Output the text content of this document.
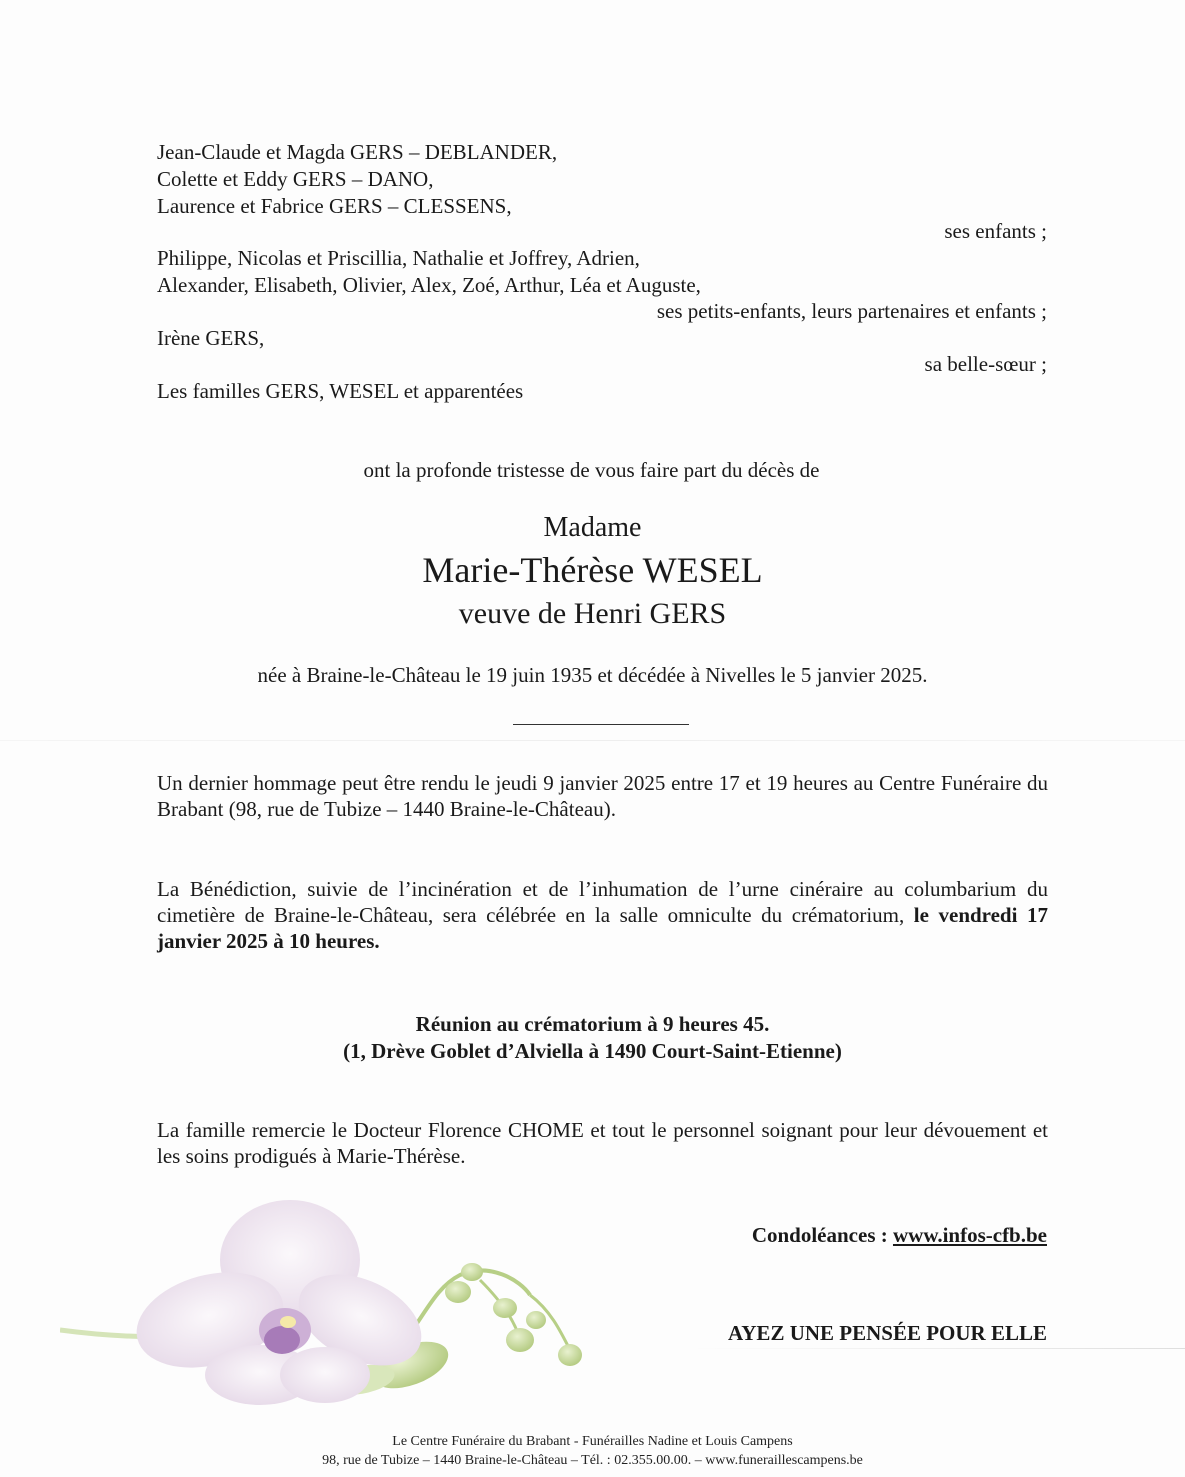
Jean-Claude et Magda GERS – DEBLANDER,
Colette et Eddy GERS – DANO,
Laurence et Fabrice GERS – CLESSENS,
ses enfants ;
Philippe, Nicolas et Priscillia, Nathalie et Joffrey, Adrien,
Alexander, Elisabeth, Olivier, Alex, Zoé, Arthur, Léa et Auguste,
ses petits-enfants, leurs partenaires et enfants ;
Irène GERS,
sa belle-sœur ;
Les familles GERS, WESEL et apparentées
ont la profonde tristesse de vous faire part du décès de
Madame
Marie-Thérèse WESEL
veuve de Henri GERS
née à Braine-le-Château le 19 juin 1935 et décédée à Nivelles le 5 janvier 2025.
Un dernier hommage peut être rendu le jeudi 9 janvier 2025 entre 17 et 19 heures au Centre Funéraire du Brabant (98, rue de Tubize – 1440 Braine-le-Château).
La Bénédiction, suivie de l’incinération et de l’inhumation de l’urne cinéraire au columbarium du cimetière de Braine-le-Château, sera célébrée en la salle omniculte du crématorium, le vendredi 17 janvier 2025 à 10 heures.
Réunion au crématorium à 9 heures 45.
(1, Drève Goblet d’Alviella à 1490 Court-Saint-Etienne)
La famille remercie le Docteur Florence CHOME et tout le personnel soignant pour leur dévouement et les soins prodigués à Marie-Thérèse.
Condoléances : www.infos-cfb.be
AYEZ UNE PENSÉE POUR ELLE
Le Centre Funéraire du Brabant - Funérailles Nadine et Louis Campens
98, rue de Tubize – 1440 Braine-le-Château – Tél. : 02.355.00.00. – www.funeraillescampens.be
